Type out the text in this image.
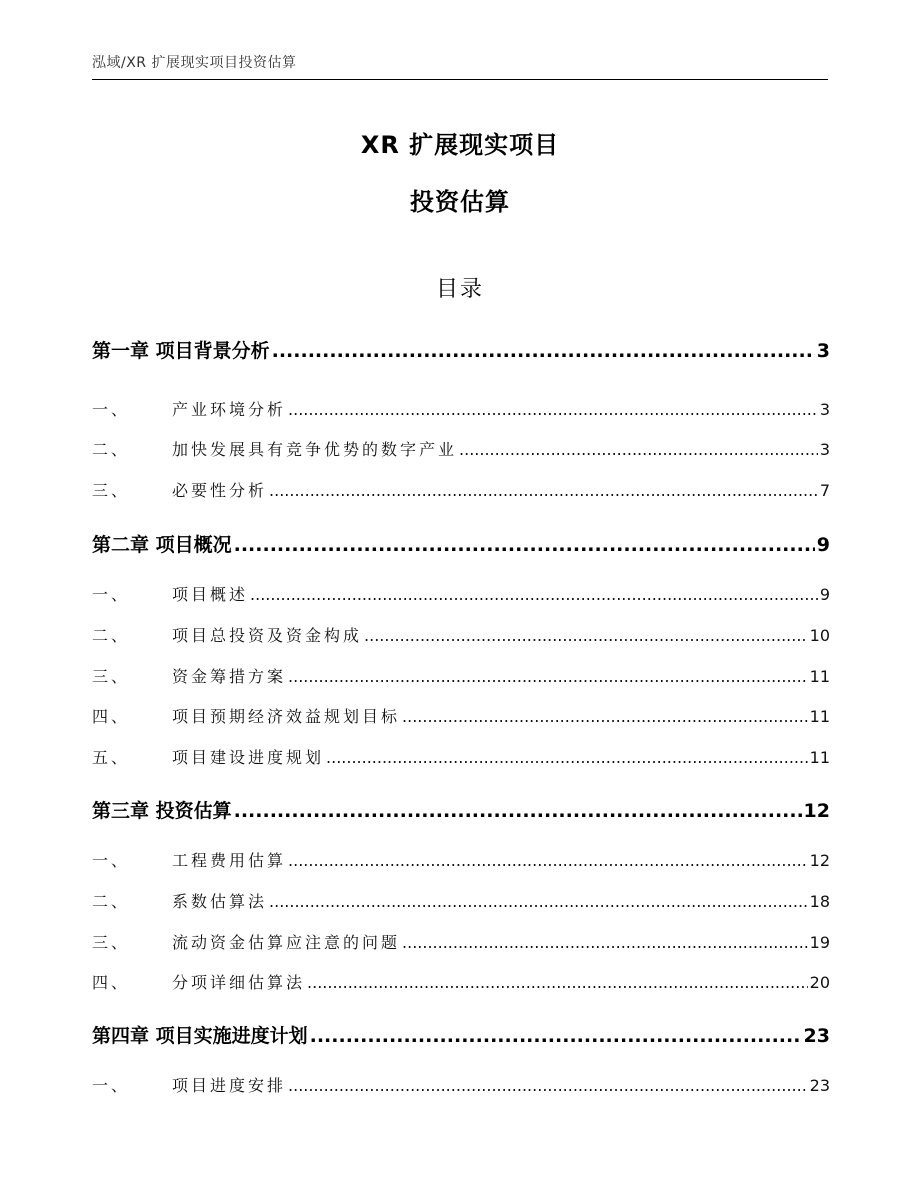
泓域/XR 扩展现实项目投资估算
XR 扩展现实项目
投资估算
目录
第一章 项目背景分析 .....	3
一、	产业环境分析 .....	3
二、	加快发展具有竞争优势的数字产业 .....	3
三、	必要性分析 .....	7
第二章 项目概况 .....	9
一、	项目概述 .....	9
二、	项目总投资及资金构成 .....	10
三、	资金筹措方案 .....	11
四、	项目预期经济效益规划目标 .....	11
五、	项目建设进度规划 .....	11
第三章 投资估算 .....	12
一、	工程费用估算 .....	12
二、	系数估算法 .....	18
三、	流动资金估算应注意的问题 .....	19
四、	分项详细估算法 .....	20
第四章 项目实施进度计划 .....	23
一、	项目进度安排 .....	23
